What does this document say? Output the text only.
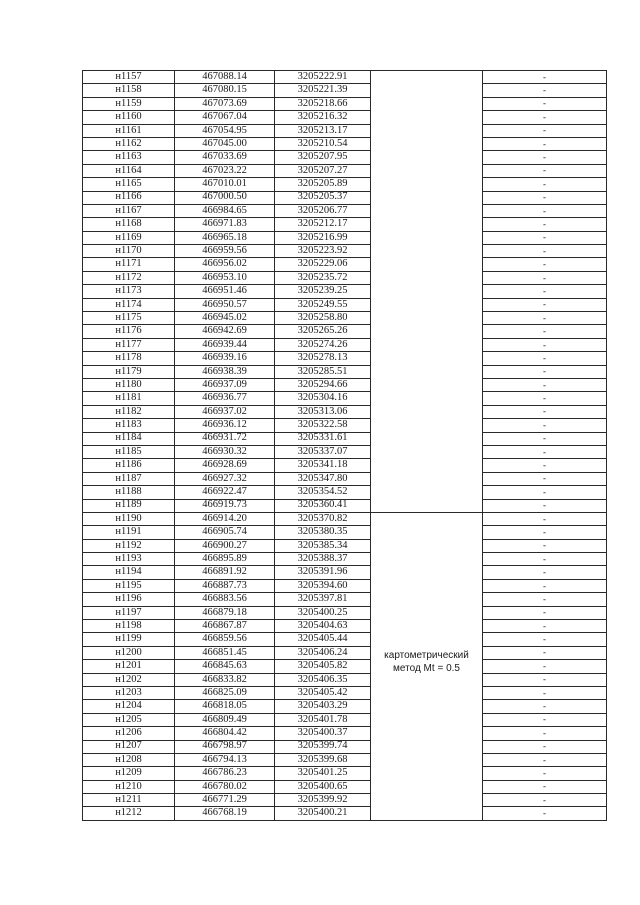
н1157	467088.14	3205222.91		-
н1158	467080.15	3205221.39		-
н1159	467073.69	3205218.66		-
н1160	467067.04	3205216.32		-
н1161	467054.95	3205213.17		-
н1162	467045.00	3205210.54		-
н1163	467033.69	3205207.95		-
н1164	467023.22	3205207.27		-
н1165	467010.01	3205205.89		-
н1166	467000.50	3205205.37		-
н1167	466984.65	3205206.77		-
н1168	466971.83	3205212.17		-
н1169	466965.18	3205216.99		-
н1170	466959.56	3205223.92		-
н1171	466956.02	3205229.06		-
н1172	466953.10	3205235.72		-
н1173	466951.46	3205239.25		-
н1174	466950.57	3205249.55		-
н1175	466945.02	3205258.80		-
н1176	466942.69	3205265.26		-
н1177	466939.44	3205274.26		-
н1178	466939.16	3205278.13		-
н1179	466938.39	3205285.51		-
н1180	466937.09	3205294.66		-
н1181	466936.77	3205304.16		-
н1182	466937.02	3205313.06		-
н1183	466936.12	3205322.58		-
н1184	466931.72	3205331.61		-
н1185	466930.32	3205337.07		-
н1186	466928.69	3205341.18		-
н1187	466927.32	3205347.80		-
н1188	466922.47	3205354.52		-
н1189	466919.73	3205360.41		-
н1190	466914.20	3205370.82		-
н1191	466905.74	3205380.35		-
н1192	466900.27	3205385.34		-
н1193	466895.89	3205388.37		-
н1194	466891.92	3205391.96		-
н1195	466887.73	3205394.60		-
н1196	466883.56	3205397.81		-
н1197	466879.18	3205400.25		-
н1198	466867.87	3205404.63		-
н1199	466859.56	3205405.44		-
н1200	466851.45	3205406.24	картометрический метод Mt = 0.5	-
н1201	466845.63	3205405.82		-
н1202	466833.82	3205406.35		-
н1203	466825.09	3205405.42		-
н1204	466818.05	3205403.29		-
н1205	466809.49	3205401.78		-
н1206	466804.42	3205400.37		-
н1207	466798.97	3205399.74		-
н1208	466794.13	3205399.68		-
н1209	466786.23	3205401.25		-
н1210	466780.02	3205400.65		-
н1211	466771.29	3205399.92		-
н1212	466768.19	3205400.21		-
